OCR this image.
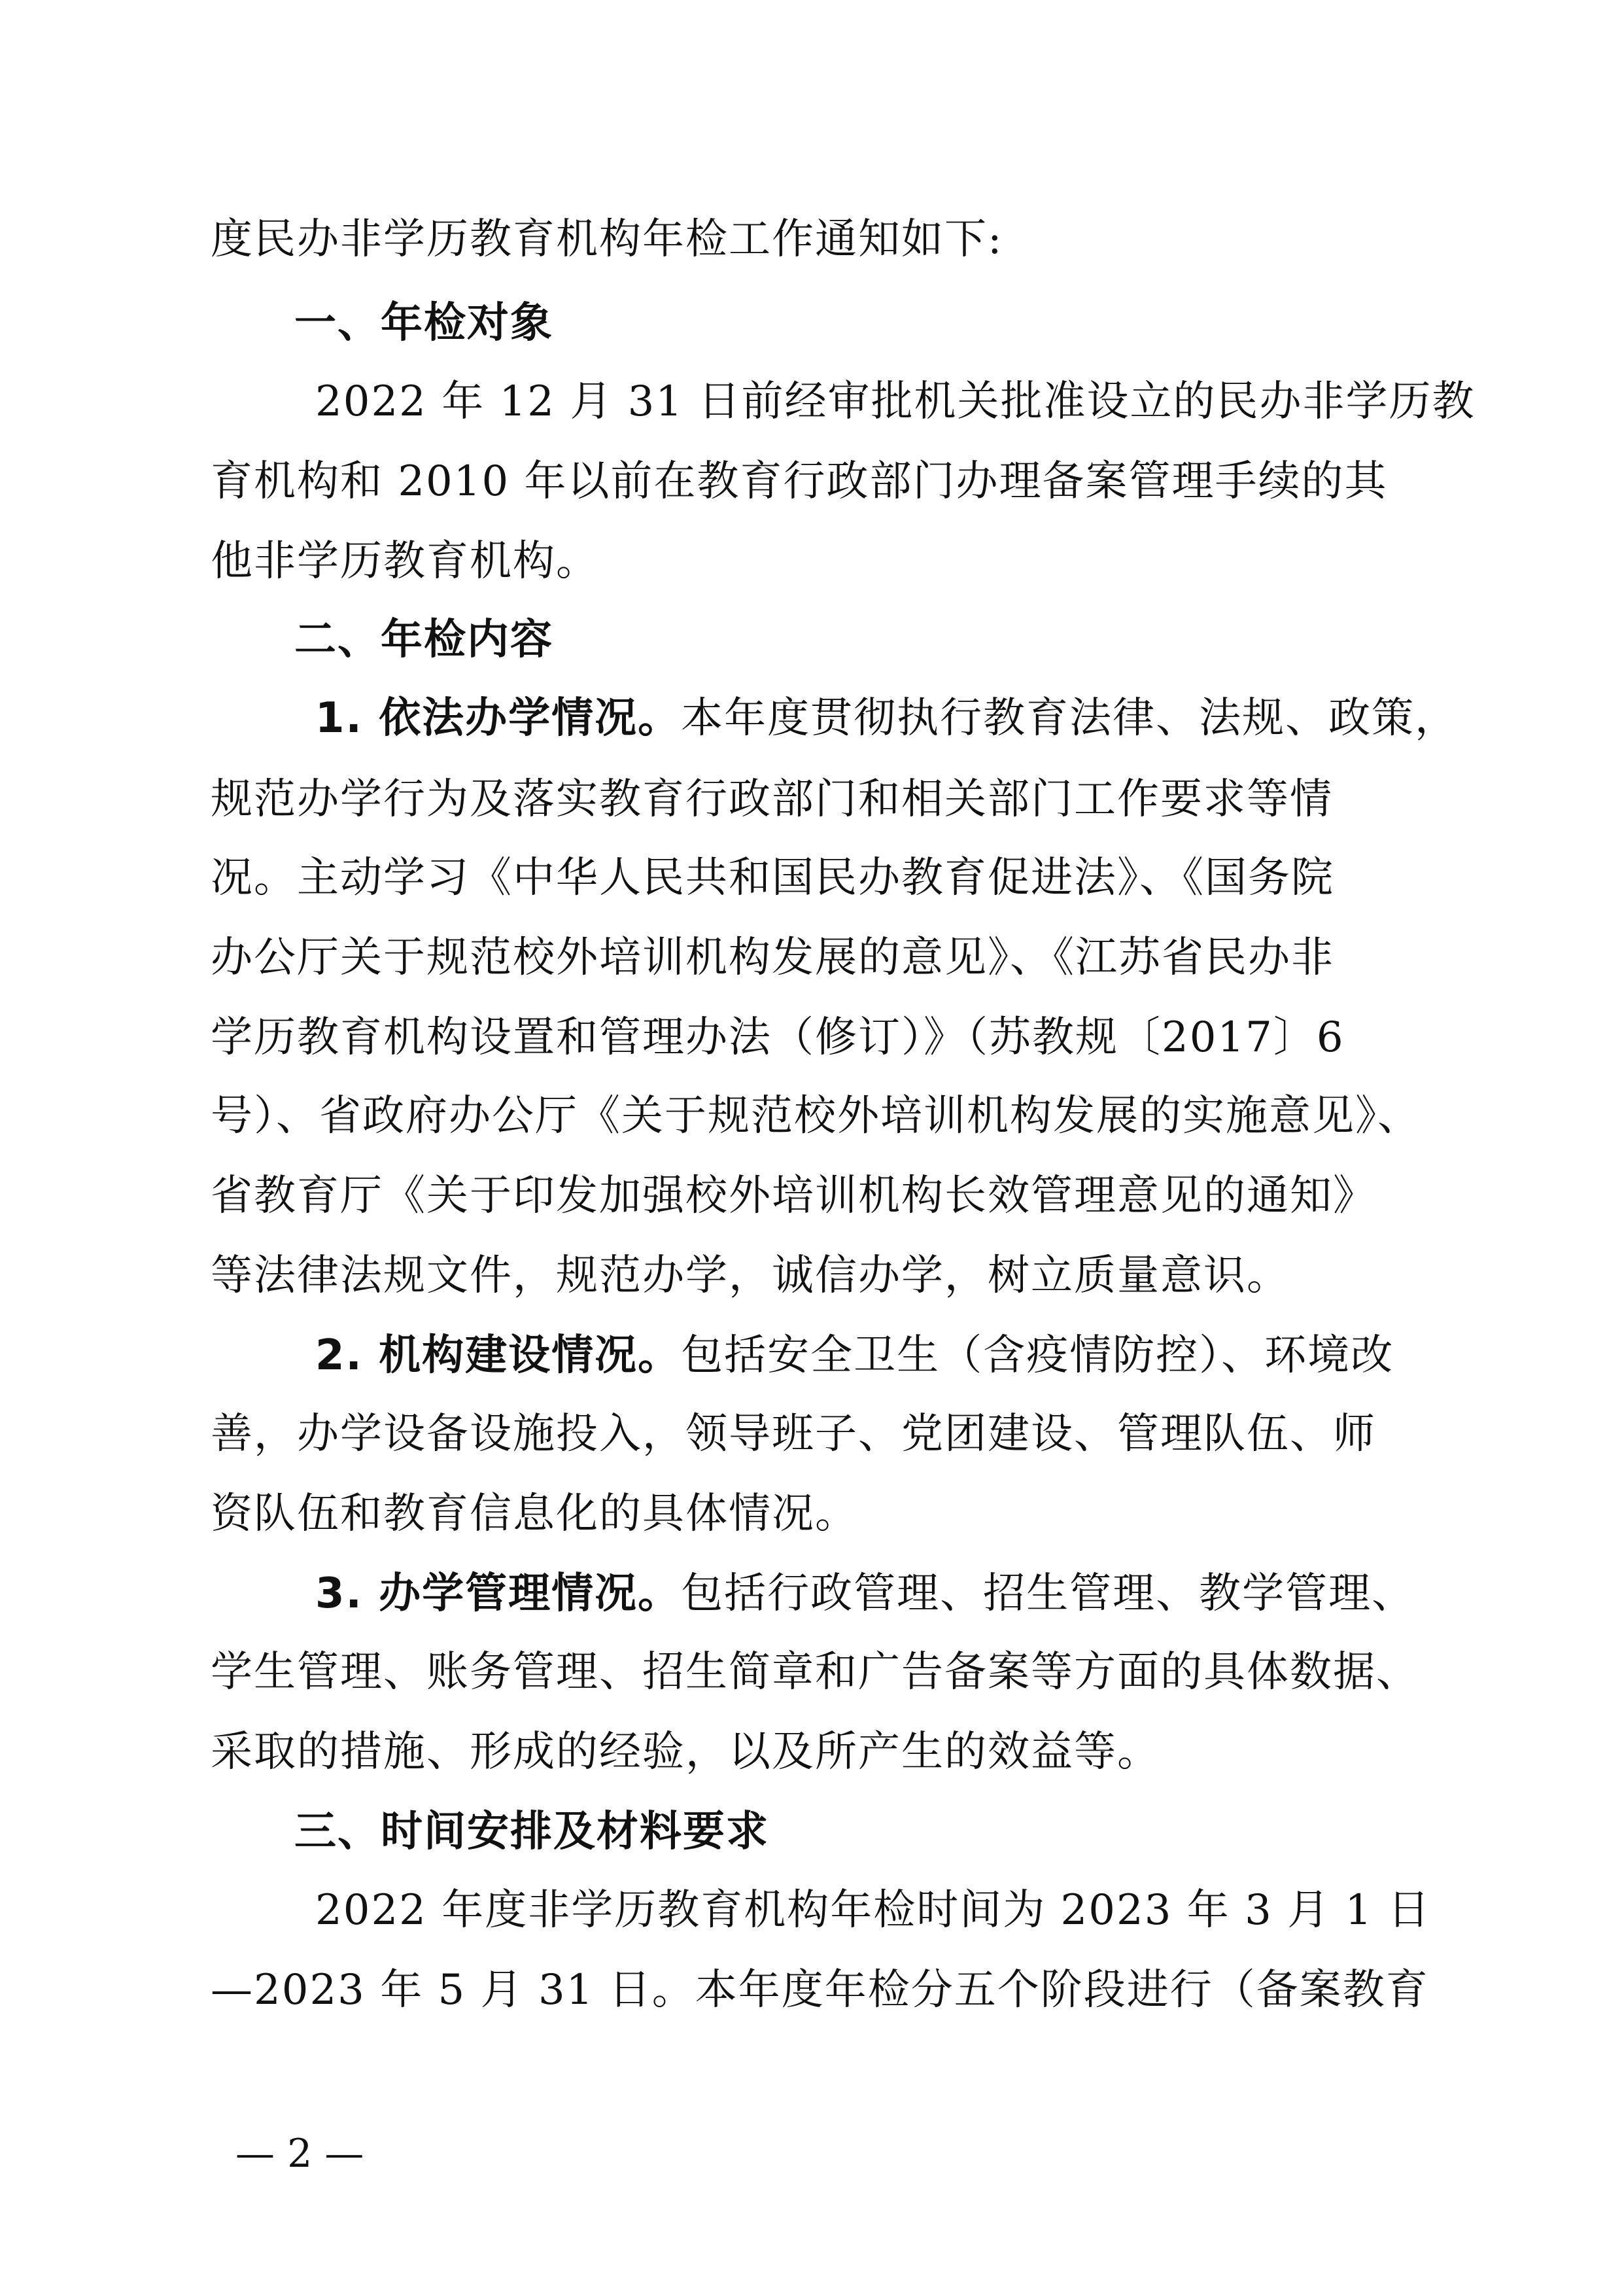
度民办非学历教育机构年检工作通知如下:
一、年检对象
2022 年 12 月 31 日前经审批机关批准设立的民办非学历教
育机构和 2010 年以前在教育行政部门办理备案管理手续的其
他非学历教育机构。
二、年检内容
1. 依法办学情况。本年度贯彻执行教育法律、法规、政策，
规范办学行为及落实教育行政部门和相关部门工作要求等情
况。主动学习《中华人民共和国民办教育促进法》、《国务院
办公厅关于规范校外培训机构发展的意见》、《江苏省民办非
学历教育机构设置和管理办法（修订）》（苏教规〔2017〕6
号）、省政府办公厅《关于规范校外培训机构发展的实施意见》、
省教育厅《关于印发加强校外培训机构长效管理意见的通知》
等法律法规文件，规范办学，诚信办学，树立质量意识。
2. 机构建设情况。包括安全卫生（含疫情防控）、环境改
善，办学设备设施投入，领导班子、党团建设、管理队伍、师
资队伍和教育信息化的具体情况。
3. 办学管理情况。包括行政管理、招生管理、教学管理、
学生管理、账务管理、招生简章和广告备案等方面的具体数据、
采取的措施、形成的经验，以及所产生的效益等。
三、时间安排及材料要求
2022 年度非学历教育机构年检时间为 2023 年 3 月 1 日
—2023 年 5 月 31 日。本年度年检分五个阶段进行（备案教育
— 2 —
